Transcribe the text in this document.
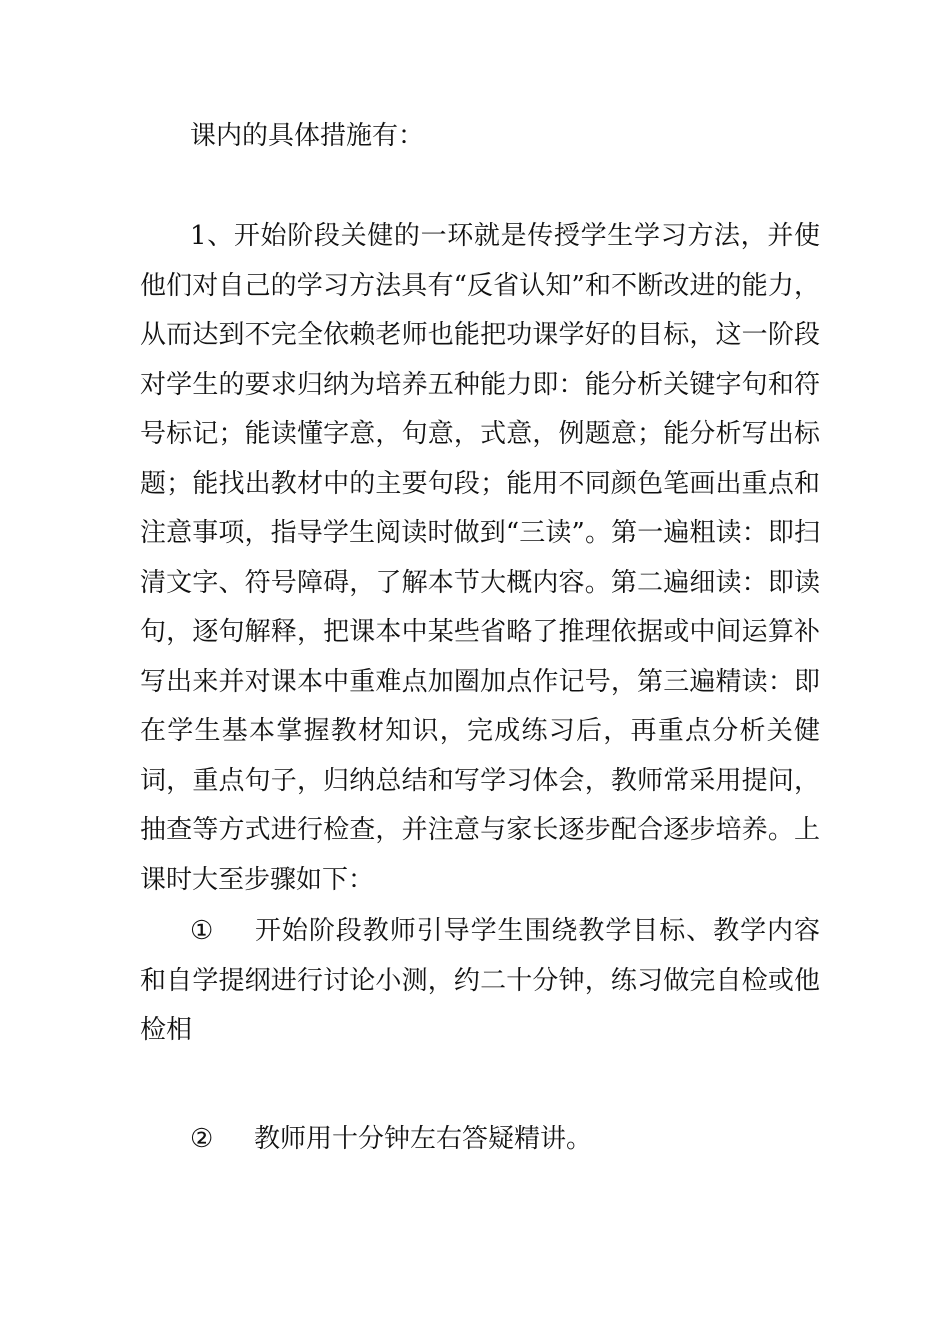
课内的具体措施有：
1、开始阶段关健的一环就是传授学生学习方法，并使他们对自己的学习方法具有“反省认知”和不断改进的能力，从而达到不完全依赖老师也能把功课学好的目标，这一阶段对学生的要求归纳为培养五种能力即：能分析关键字句和符号标记；能读懂字意，句意，式意，例题意；能分析写出标题；能找出教材中的主要句段；能用不同颜色笔画出重点和注意事项，指导学生阅读时做到“三读”。第一遍粗读：即扫清文字、符号障碍，了解本节大概内容。第二遍细读：即读句，逐句解释，把课本中某些省略了推理依据或中间运算补写出来并对课本中重难点加圈加点作记号，第三遍精读：即在学生基本掌握教材知识，完成练习后，再重点分析关健词，重点句子，归纳总结和写学习体会，教师常采用提问，抽查等方式进行检查，并注意与家长逐步配合逐步培养。上课时大至步骤如下：
① 开始阶段教师引导学生围绕教学目标、教学内容和自学提纲进行讨论小测，约二十分钟，练习做完自检或他检相
② 教师用十分钟左右答疑精讲。
